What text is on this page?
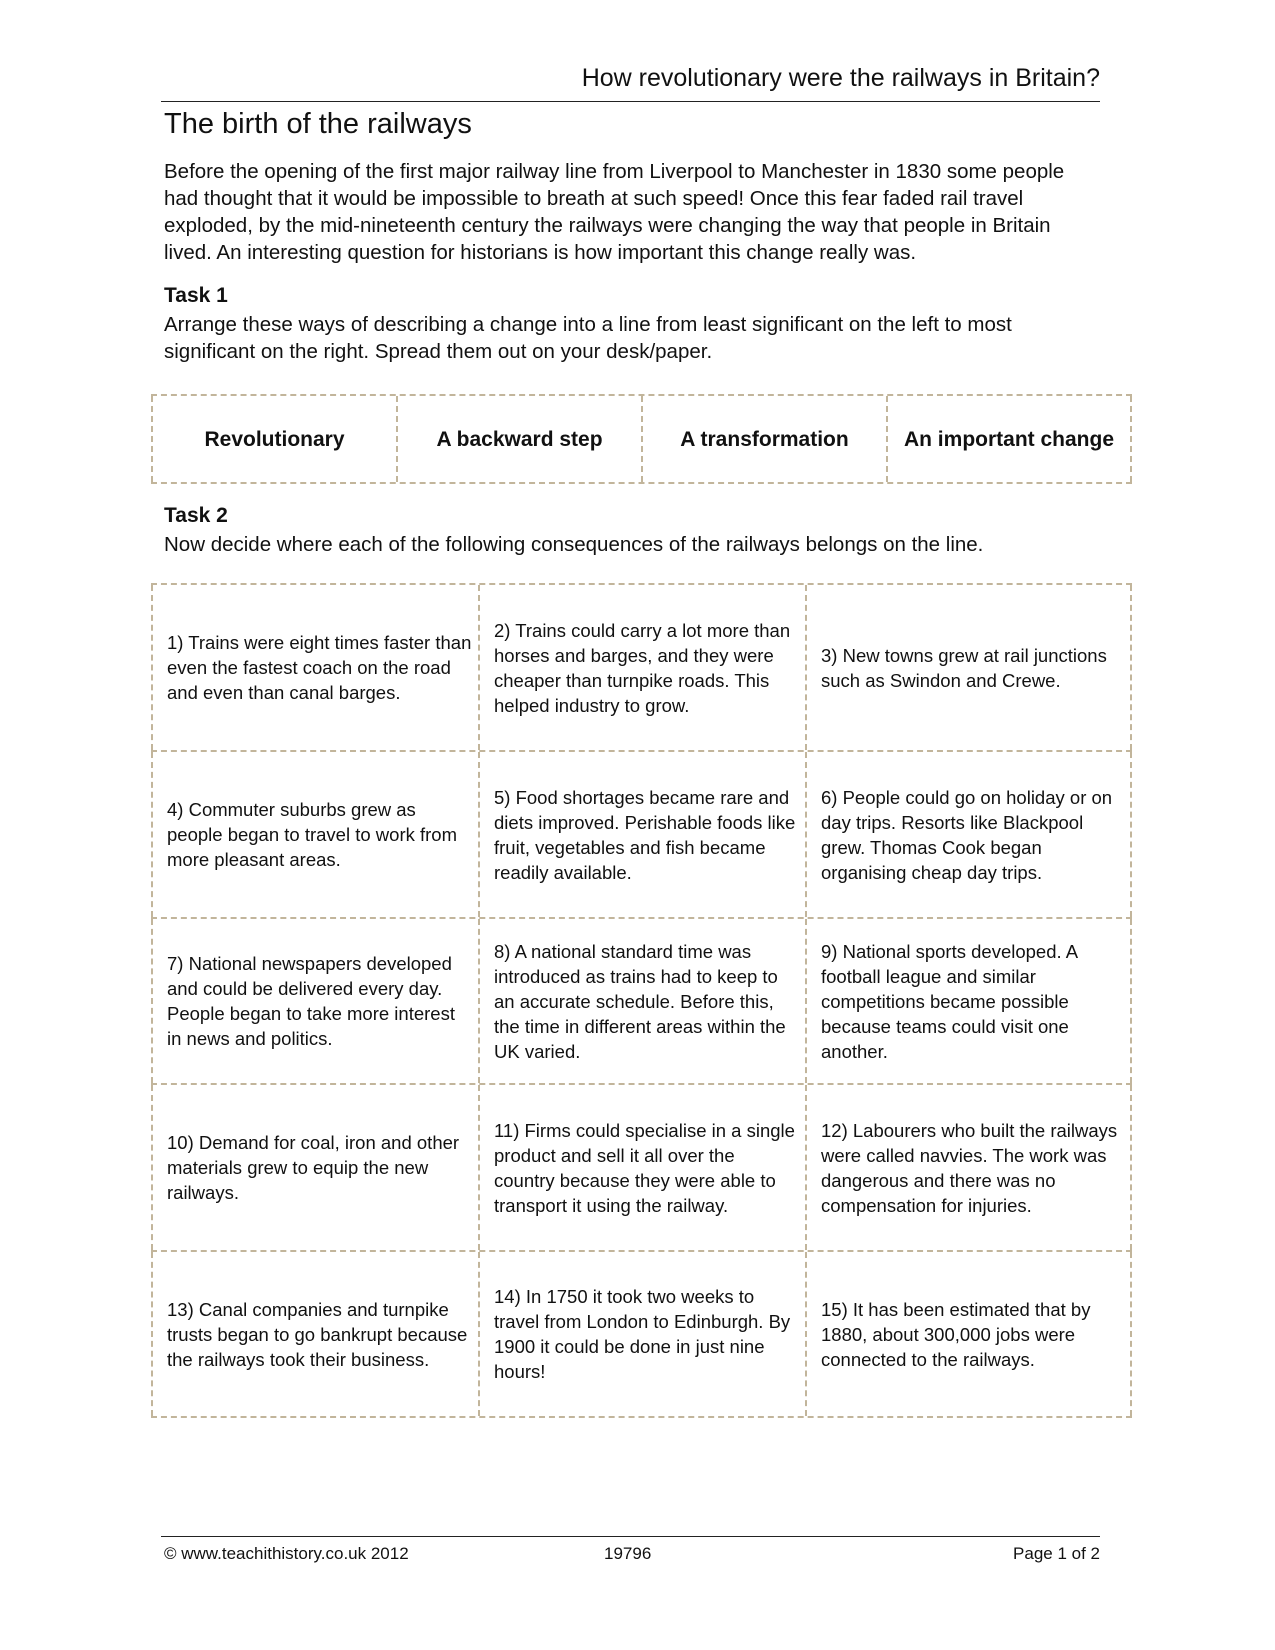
How revolutionary were the railways in Britain?
The birth of the railways
Before the opening of the first major railway line from Liverpool to Manchester in 1830 some people had thought that it would be impossible to breath at such speed! Once this fear faded rail travel exploded, by the mid-nineteenth century the railways were changing the way that people in Britain lived. An interesting question for historians is how important this change really was.
Task 1
Arrange these ways of describing a change into a line from least significant on the left to most significant on the right. Spread them out on your desk/paper.
Revolutionary	A backward step	A transformation	An important change
Task 2
Now decide where each of the following consequences of the railways belongs on the line.
1) Trains were eight times faster than even the fastest coach on the road and even than canal barges.
2) Trains could carry a lot more than horses and barges, and they were cheaper than turnpike roads. This helped industry to grow.
3) New towns grew at rail junctions such as Swindon and Crewe.
4) Commuter suburbs grew as people began to travel to work from more pleasant areas.
5) Food shortages became rare and diets improved. Perishable foods like fruit, vegetables and fish became readily available.
6) People could go on holiday or on day trips. Resorts like Blackpool grew. Thomas Cook began organising cheap day trips.
7) National newspapers developed and could be delivered every day. People began to take more interest in news and politics.
8) A national standard time was introduced as trains had to keep to an accurate schedule. Before this, the time in different areas within the UK varied.
9) National sports developed. A football league and similar competitions became possible because teams could visit one another.
10) Demand for coal, iron and other materials grew to equip the new railways.
11) Firms could specialise in a single product and sell it all over the country because they were able to transport it using the railway.
12) Labourers who built the railways were called navvies. The work was dangerous and there was no compensation for injuries.
13) Canal companies and turnpike trusts began to go bankrupt because the railways took their business.
14) In 1750 it took two weeks to travel from London to Edinburgh. By 1900 it could be done in just nine hours!
15) It has been estimated that by 1880, about 300,000 jobs were connected to the railways.
© www.teachithistory.co.uk 2012	19796	Page 1 of 2
